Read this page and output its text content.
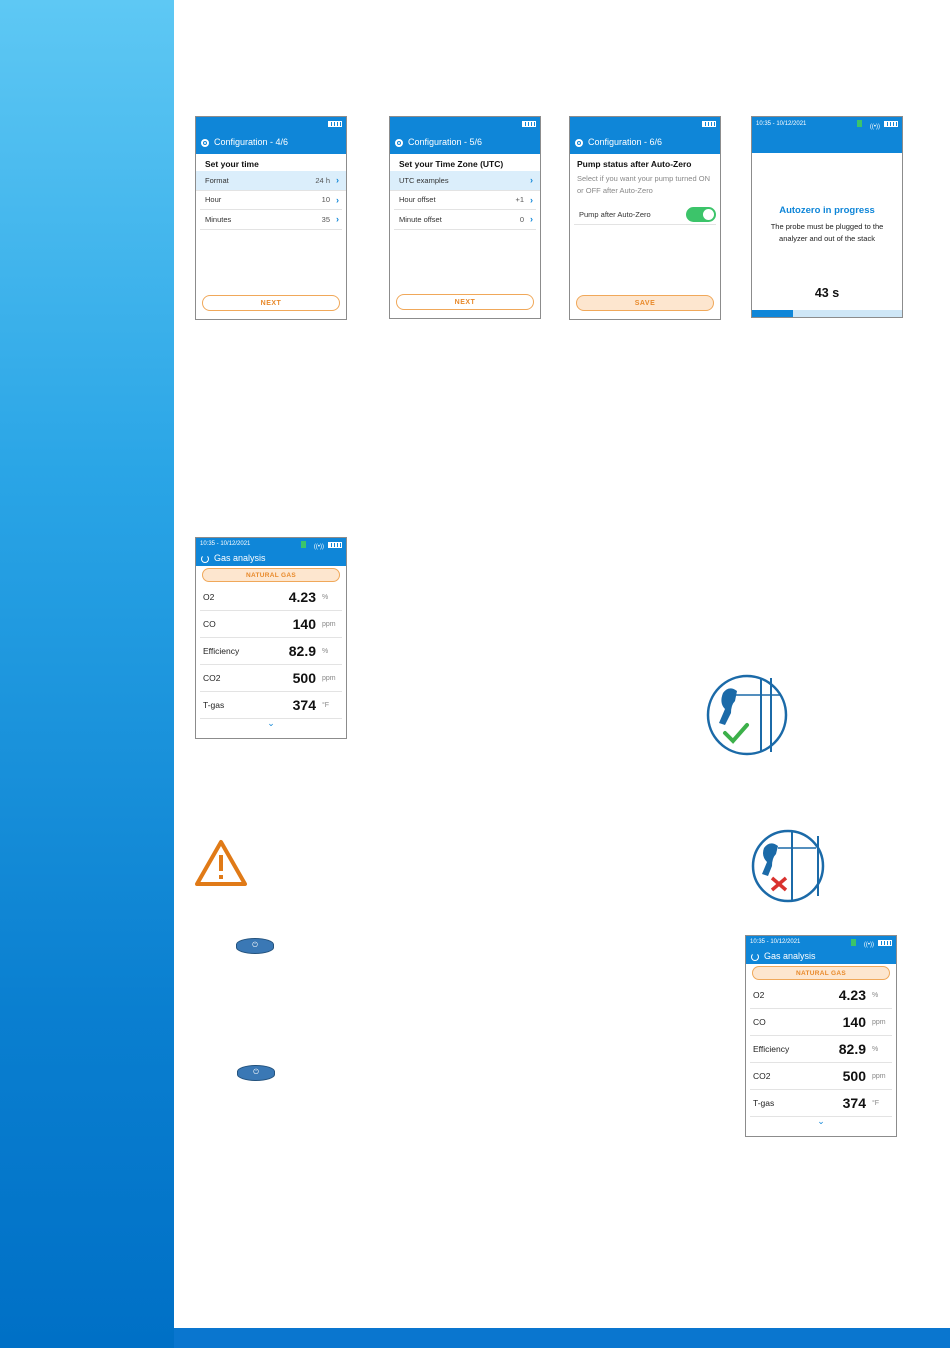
Configuration - 4/6
Set your time
Format	24 h ›
Hour	10 ›
Minutes	35 ›
NEXT
Configuration - 5/6
Set your Time Zone (UTC)
UTC examples	›
Hour offset	+1 ›
Minute offset	0 ›
NEXT
Configuration - 6/6
Pump status after Auto-Zero
Select if you want your pump turned ON or OFF after Auto-Zero
Pump after Auto-Zero
SAVE
10:35 - 10/12/2021	((•))
Autozero in progress
The probe must be plugged to the analyzer and out of the stack
43 s
10:35 - 10/12/2021	((•))
Gas analysis
NATURAL GAS
O2	4.23 %
CO	140 ppm
Efficiency	82.9 %
CO2	500 ppm
T-gas	374 °F
⌄
10:35 - 10/12/2021	((•))
Gas analysis
NATURAL GAS
O2	4.23 %
CO	140 ppm
Efficiency	82.9 %
CO2	500 ppm
T-gas	374 °F
⌄
⏻
⏻
